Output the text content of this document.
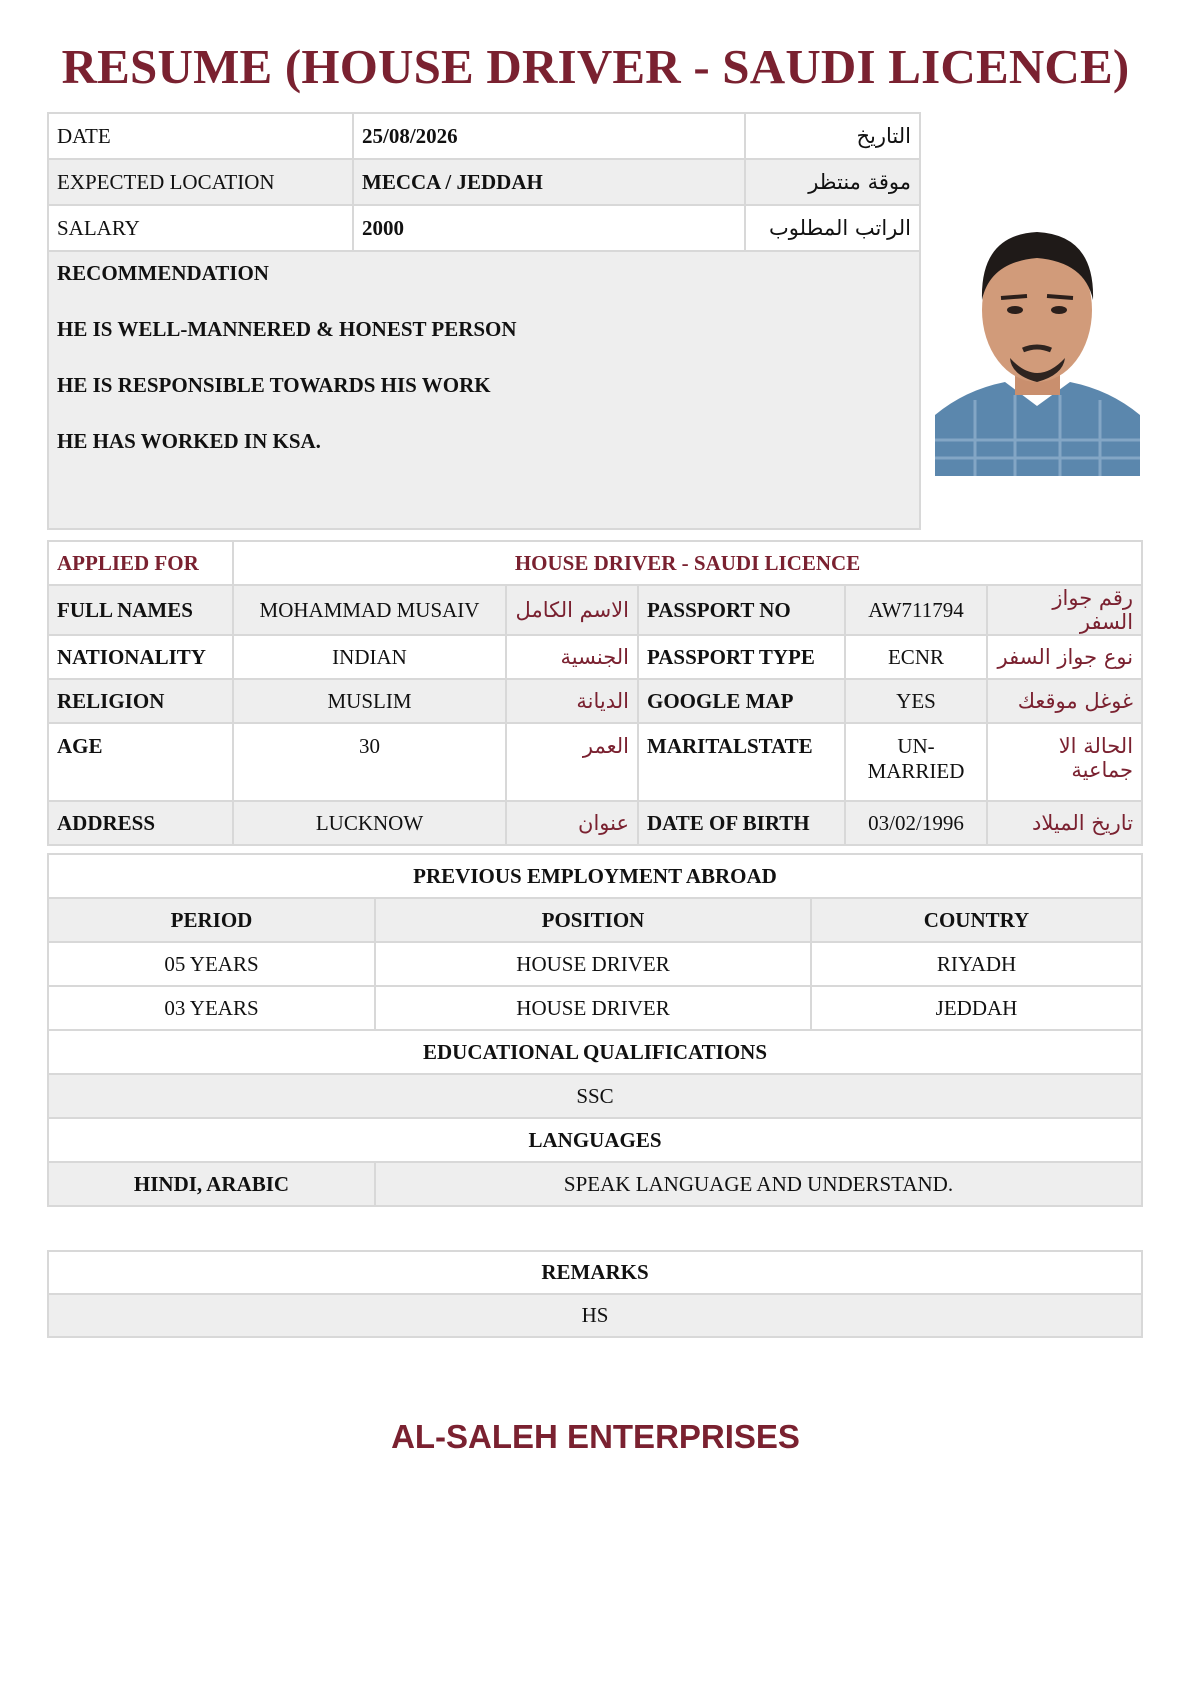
RESUME (HOUSE DRIVER - SAUDI LICENCE)
DATE	25/08/2026	التاريخ
EXPECTED LOCATION	MECCA / JEDDAH	موقة منتظر
SALARY	2000	الراتب المطلوب

RECOMMENDATION

HE IS WELL-MANNERED & HONEST PERSON

HE IS RESPONSIBLE TOWARDS HIS WORK

HE HAS WORKED IN KSA.		

APPLIED FOR	HOUSE DRIVER - SAUDI LICENCE				
FULL NAMES	MOHAMMAD MUSAIV	الاسم الكامل	PASSPORT NO	AW711794	رقم جواز السفر
NATIONALITY	INDIAN	الجنسية	PASSPORT TYPE	ECNR	نوع جواز السفر
RELIGION	MUSLIM	الديانة	GOOGLE MAP	YES	غوغل موقعك
AGE	30	العمر	MARITALSTATE	UN-MARRIED	الحالة الا جماعية
ADDRESS	LUCKNOW	عنوان	DATE OF BIRTH	03/02/1996	تاريخ الميلاد
PREVIOUS EMPLOYMENT ABROAD		
PERIOD	POSITION	COUNTRY
05 YEARS	HOUSE DRIVER	RIYADH
03 YEARS	HOUSE DRIVER	JEDDAH
EDUCATIONAL QUALIFICATIONS		
SSC		
LANGUAGES		
HINDI, ARABIC	SPEAK LANGUAGE AND UNDERSTAND.	
REMARKS
HS
AL-SALEH ENTERPRISES
